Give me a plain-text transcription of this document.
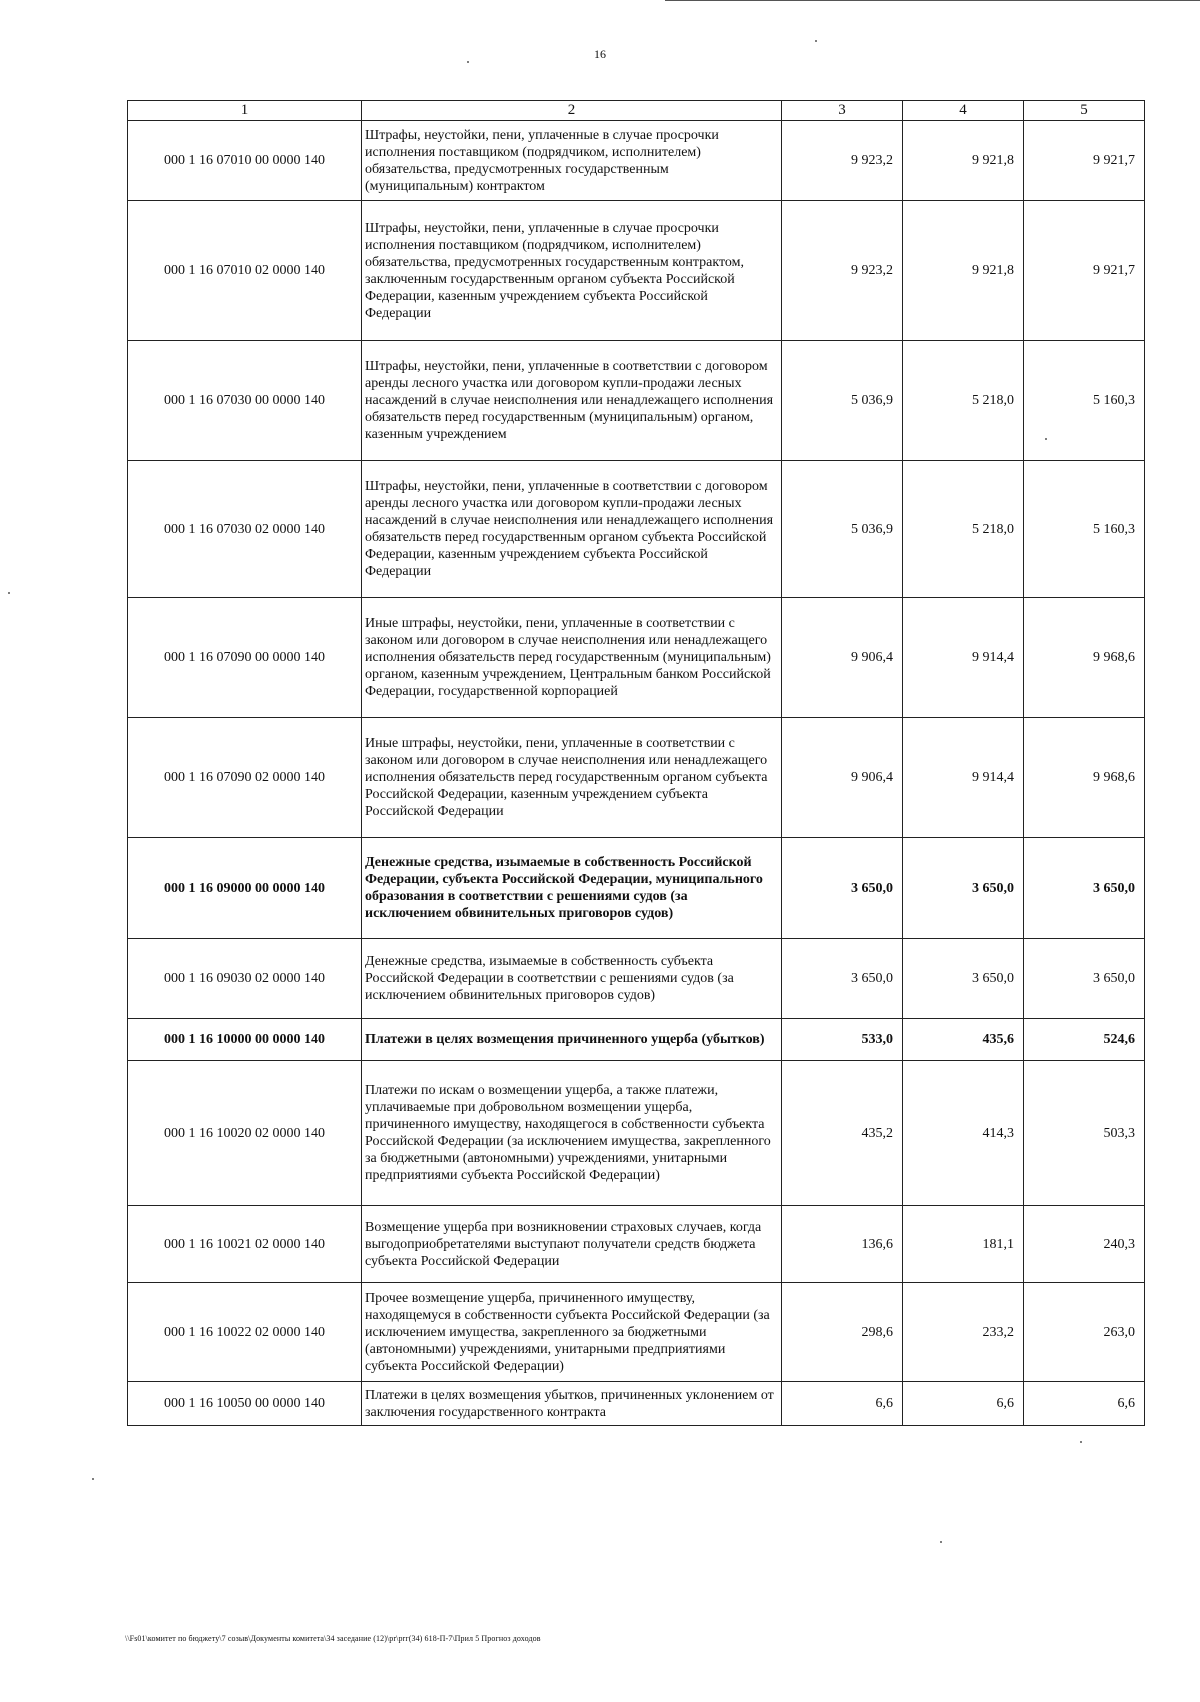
16
1	2	3	4	5
000 1 16 07010 00 0000 140	Штрафы, неустойки, пени, уплаченные в случае просрочки исполнения поставщиком (подрядчиком, исполнителем) обязательства, предусмотренных государственным (муниципальным) контрактом	9 923,2	9 921,8	9 921,7
000 1 16 07010 02 0000 140	Штрафы, неустойки, пени, уплаченные в случае просрочки исполнения поставщиком (подрядчиком, исполнителем) обязательства, предусмотренных государственным контрактом, заключенным государственным органом субъекта Российской Федерации, казенным учреждением субъекта Российской Федерации	9 923,2	9 921,8	9 921,7
000 1 16 07030 00 0000 140	Штрафы, неустойки, пени, уплаченные в соответствии с договором аренды лесного участка или договором купли-продажи лесных насаждений в случае неисполнения или ненадлежащего исполнения обязательств перед государственным (муниципальным) органом, казенным учреждением	5 036,9	5 218,0	5 160,3
000 1 16 07030 02 0000 140	Штрафы, неустойки, пени, уплаченные в соответствии с договором аренды лесного участка или договором купли-продажи лесных насаждений в случае неисполнения или ненадлежащего исполнения обязательств перед государственным органом субъекта Российской Федерации, казенным учреждением субъекта Российской Федерации	5 036,9	5 218,0	5 160,3
000 1 16 07090 00 0000 140	Иные штрафы, неустойки, пени, уплаченные в соответствии с законом или договором в случае неисполнения или ненадлежащего исполнения обязательств перед государственным (муниципальным) органом, казенным учреждением, Центральным банком Российской Федерации, государственной корпорацией	9 906,4	9 914,4	9 968,6
000 1 16 07090 02 0000 140	Иные штрафы, неустойки, пени, уплаченные в соответствии с законом или договором в случае неисполнения или ненадлежащего исполнения обязательств перед государственным органом субъекта Российской Федерации, казенным учреждением субъекта Российской Федерации	9 906,4	9 914,4	9 968,6
000 1 16 09000 00 0000 140	Денежные средства, изымаемые в собственность Российской Федерации, субъекта Российской Федерации, муниципального образования в соответствии с решениями судов (за исключением обвинительных приговоров судов)	3 650,0	3 650,0	3 650,0
000 1 16 09030 02 0000 140	Денежные средства, изымаемые в собственность субъекта Российской Федерации в соответствии с решениями судов (за исключением обвинительных приговоров судов)	3 650,0	3 650,0	3 650,0
000 1 16 10000 00 0000 140	Платежи в целях возмещения причиненного ущерба (убытков)	533,0	435,6	524,6
000 1 16 10020 02 0000 140	Платежи по искам о возмещении ущерба, а также платежи, уплачиваемые при добровольном возмещении ущерба, причиненного имуществу, находящегося в собственности субъекта Российской Федерации (за исключением имущества, закрепленного за бюджетными (автономными) учреждениями, унитарными предприятиями субъекта Российской Федерации)	435,2	414,3	503,3
000 1 16 10021 02 0000 140	Возмещение ущерба при возникновении страховых случаев, когда выгодоприобретателями выступают получатели средств бюджета субъекта Российской Федерации	136,6	181,1	240,3
000 1 16 10022 02 0000 140	Прочее возмещение ущерба, причиненного имуществу, находящемуся в собственности субъекта Российской Федерации (за исключением имущества, закрепленного за бюджетными (автономными) учреждениями, унитарными предприятиями субъекта Российской Федерации)	298,6	233,2	263,0
000 1 16 10050 00 0000 140	Платежи в целях возмещения убытков, причиненных уклонением от заключения государственного контракта	6,6	6,6	6,6
\\Fs01\комитет по бюджету\7 созыв\Документы комитета\34 заседание (12)\pr\prг(34) 618-П-7\Прил 5 Прогноз доходов
